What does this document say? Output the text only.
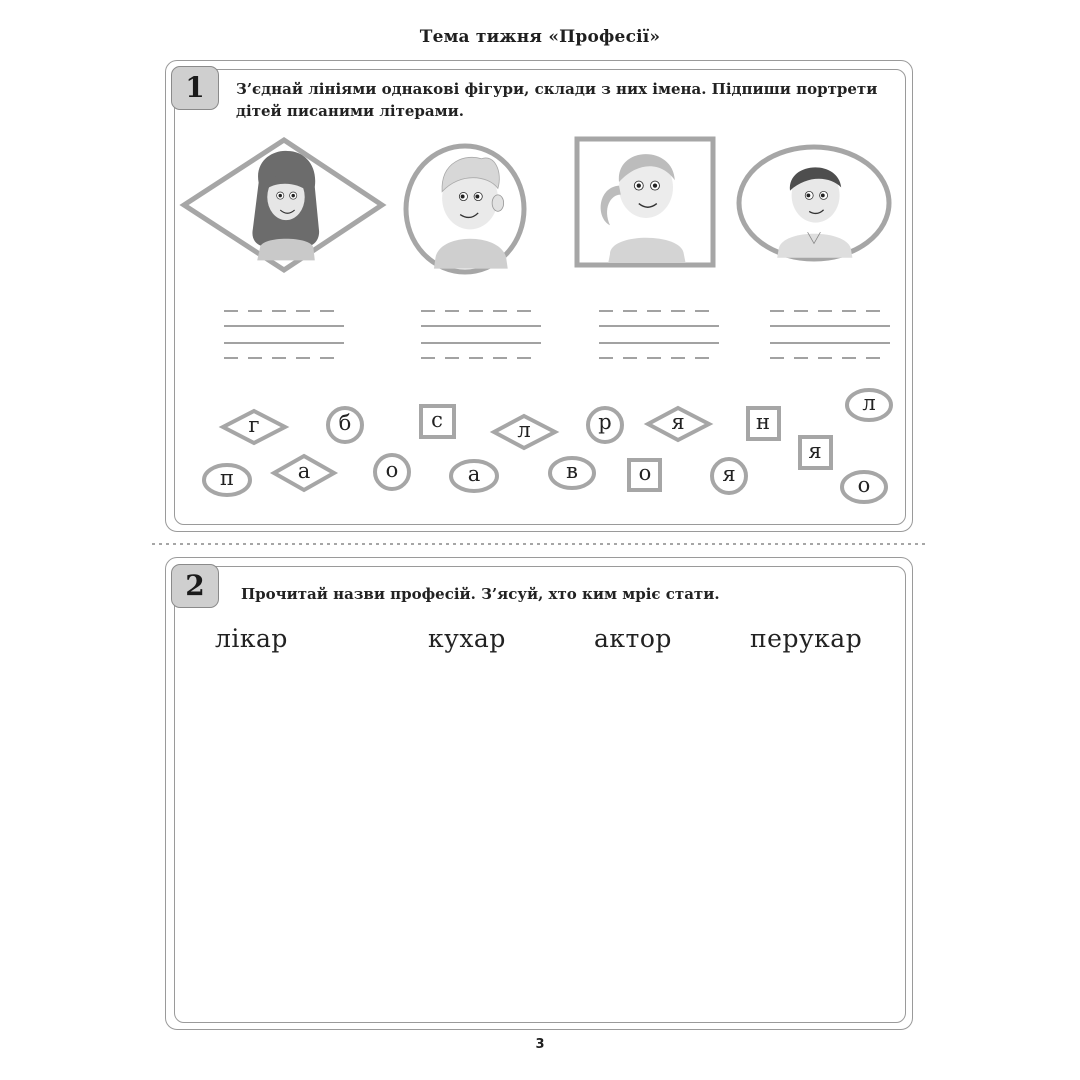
Тема тижня «Професії»
1	З’єднай лініями однакові фігури, склади з них імена. Підпиши портрети
дітей писаними літерами.
г	б	с	л	р	я	н
л
п	а	о	а	в	о	я
я
о
2	Прочитай назви професій. З’ясуй, хто ким мріє стати.
лікар	кухар	актор	перукар
3
